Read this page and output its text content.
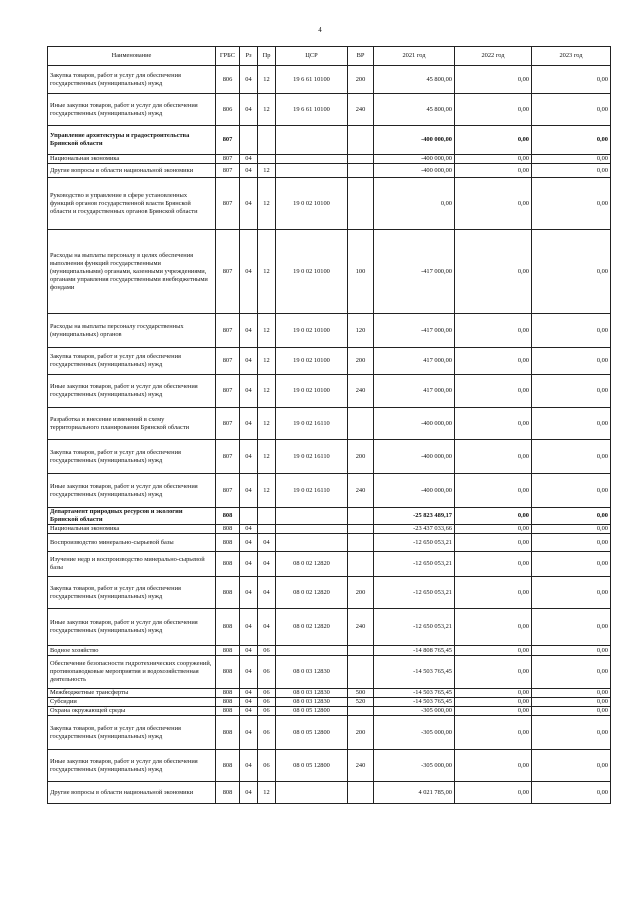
4
Наименование	ГРБС	Рз	Пр	ЦСР	ВР	2021 год	2022 год	2023 год
Закупка товаров, работ и услуг для обеспечения государственных (муниципальных) нужд	806	04	12	19 6 61 10100	200	45 800,00	0,00	0,00
Иные закупки товаров, работ и услуг для обеспечения государственных (муниципальных) нужд	806	04	12	19 6 61 10100	240	45 800,00	0,00	0,00
Управление архитектуры и градостроительства Брянской области	807					-400 000,00	0,00	0,00
Национальная экономика	807	04				-400 000,00	0,00	0,00
Другие вопросы в области национальной экономики	807	04	12			-400 000,00	0,00	0,00
Руководство и управление в сфере установленных функций органов государственной власти Брянской области и государственных органов Брянской области	807	04	12	19 0 02 10100		0,00	0,00	0,00
Расходы на выплаты персоналу в целях обеспечения выполнения функций государственными (муниципальными) органами, казенными учреждениями, органами управления государственными внебюджетными фондами	807	04	12	19 0 02 10100	100	-417 000,00	0,00	0,00
Расходы на выплаты персоналу государственных (муниципальных) органов	807	04	12	19 0 02 10100	120	-417 000,00	0,00	0,00
Закупка товаров, работ и услуг для обеспечения государственных (муниципальных) нужд	807	04	12	19 0 02 10100	200	417 000,00	0,00	0,00
Иные закупки товаров, работ и услуг для обеспечения государственных (муниципальных) нужд	807	04	12	19 0 02 10100	240	417 000,00	0,00	0,00
Разработка и внесение изменений в схему территориального планирования Брянской области	807	04	12	19 0 02 16110		-400 000,00	0,00	0,00
Закупка товаров, работ и услуг для обеспечения государственных (муниципальных) нужд	807	04	12	19 0 02 16110	200	-400 000,00	0,00	0,00
Иные закупки товаров, работ и услуг для обеспечения государственных (муниципальных) нужд	807	04	12	19 0 02 16110	240	-400 000,00	0,00	0,00
Департамент природных ресурсов и экологии Брянской области	808					-25 823 489,17	0,00	0,00
Национальная экономика	808	04				-23 437 033,66	0,00	0,00
Воспроизводство минерально-сырьевой базы	808	04	04			-12 650 053,21	0,00	0,00
Изучение недр и воспроизводство минерально-сырьевой базы	808	04	04	08 0 02 12820		-12 650 053,21	0,00	0,00
Закупка товаров, работ и услуг для обеспечения государственных (муниципальных) нужд	808	04	04	08 0 02 12820	200	-12 650 053,21	0,00	0,00
Иные закупки товаров, работ и услуг для обеспечения государственных (муниципальных) нужд	808	04	04	08 0 02 12820	240	-12 650 053,21	0,00	0,00
Водное хозяйство	808	04	06			-14 808 765,45	0,00	0,00
Обеспечение безопасности гидротехнических сооружений, противопаводковые мероприятия и водохозяйственная деятельность	808	04	06	08 0 03 12830		-14 503 765,45	0,00	0,00
Межбюджетные трансферты	808	04	06	08 0 03 12830	500	-14 503 765,45	0,00	0,00
Субсидии	808	04	06	08 0 03 12830	520	-14 503 765,45	0,00	0,00
Охрана окружающей среды	808	04	06	08 0 05 12800		-305 000,00	0,00	0,00
Закупка товаров, работ и услуг для обеспечения государственных (муниципальных) нужд	808	04	06	08 0 05 12800	200	-305 000,00	0,00	0,00
Иные закупки товаров, работ и услуг для обеспечения государственных (муниципальных) нужд	808	04	06	08 0 05 12800	240	-305 000,00	0,00	0,00
Другие вопросы в области национальной экономики	808	04	12			4 021 785,00	0,00	0,00
